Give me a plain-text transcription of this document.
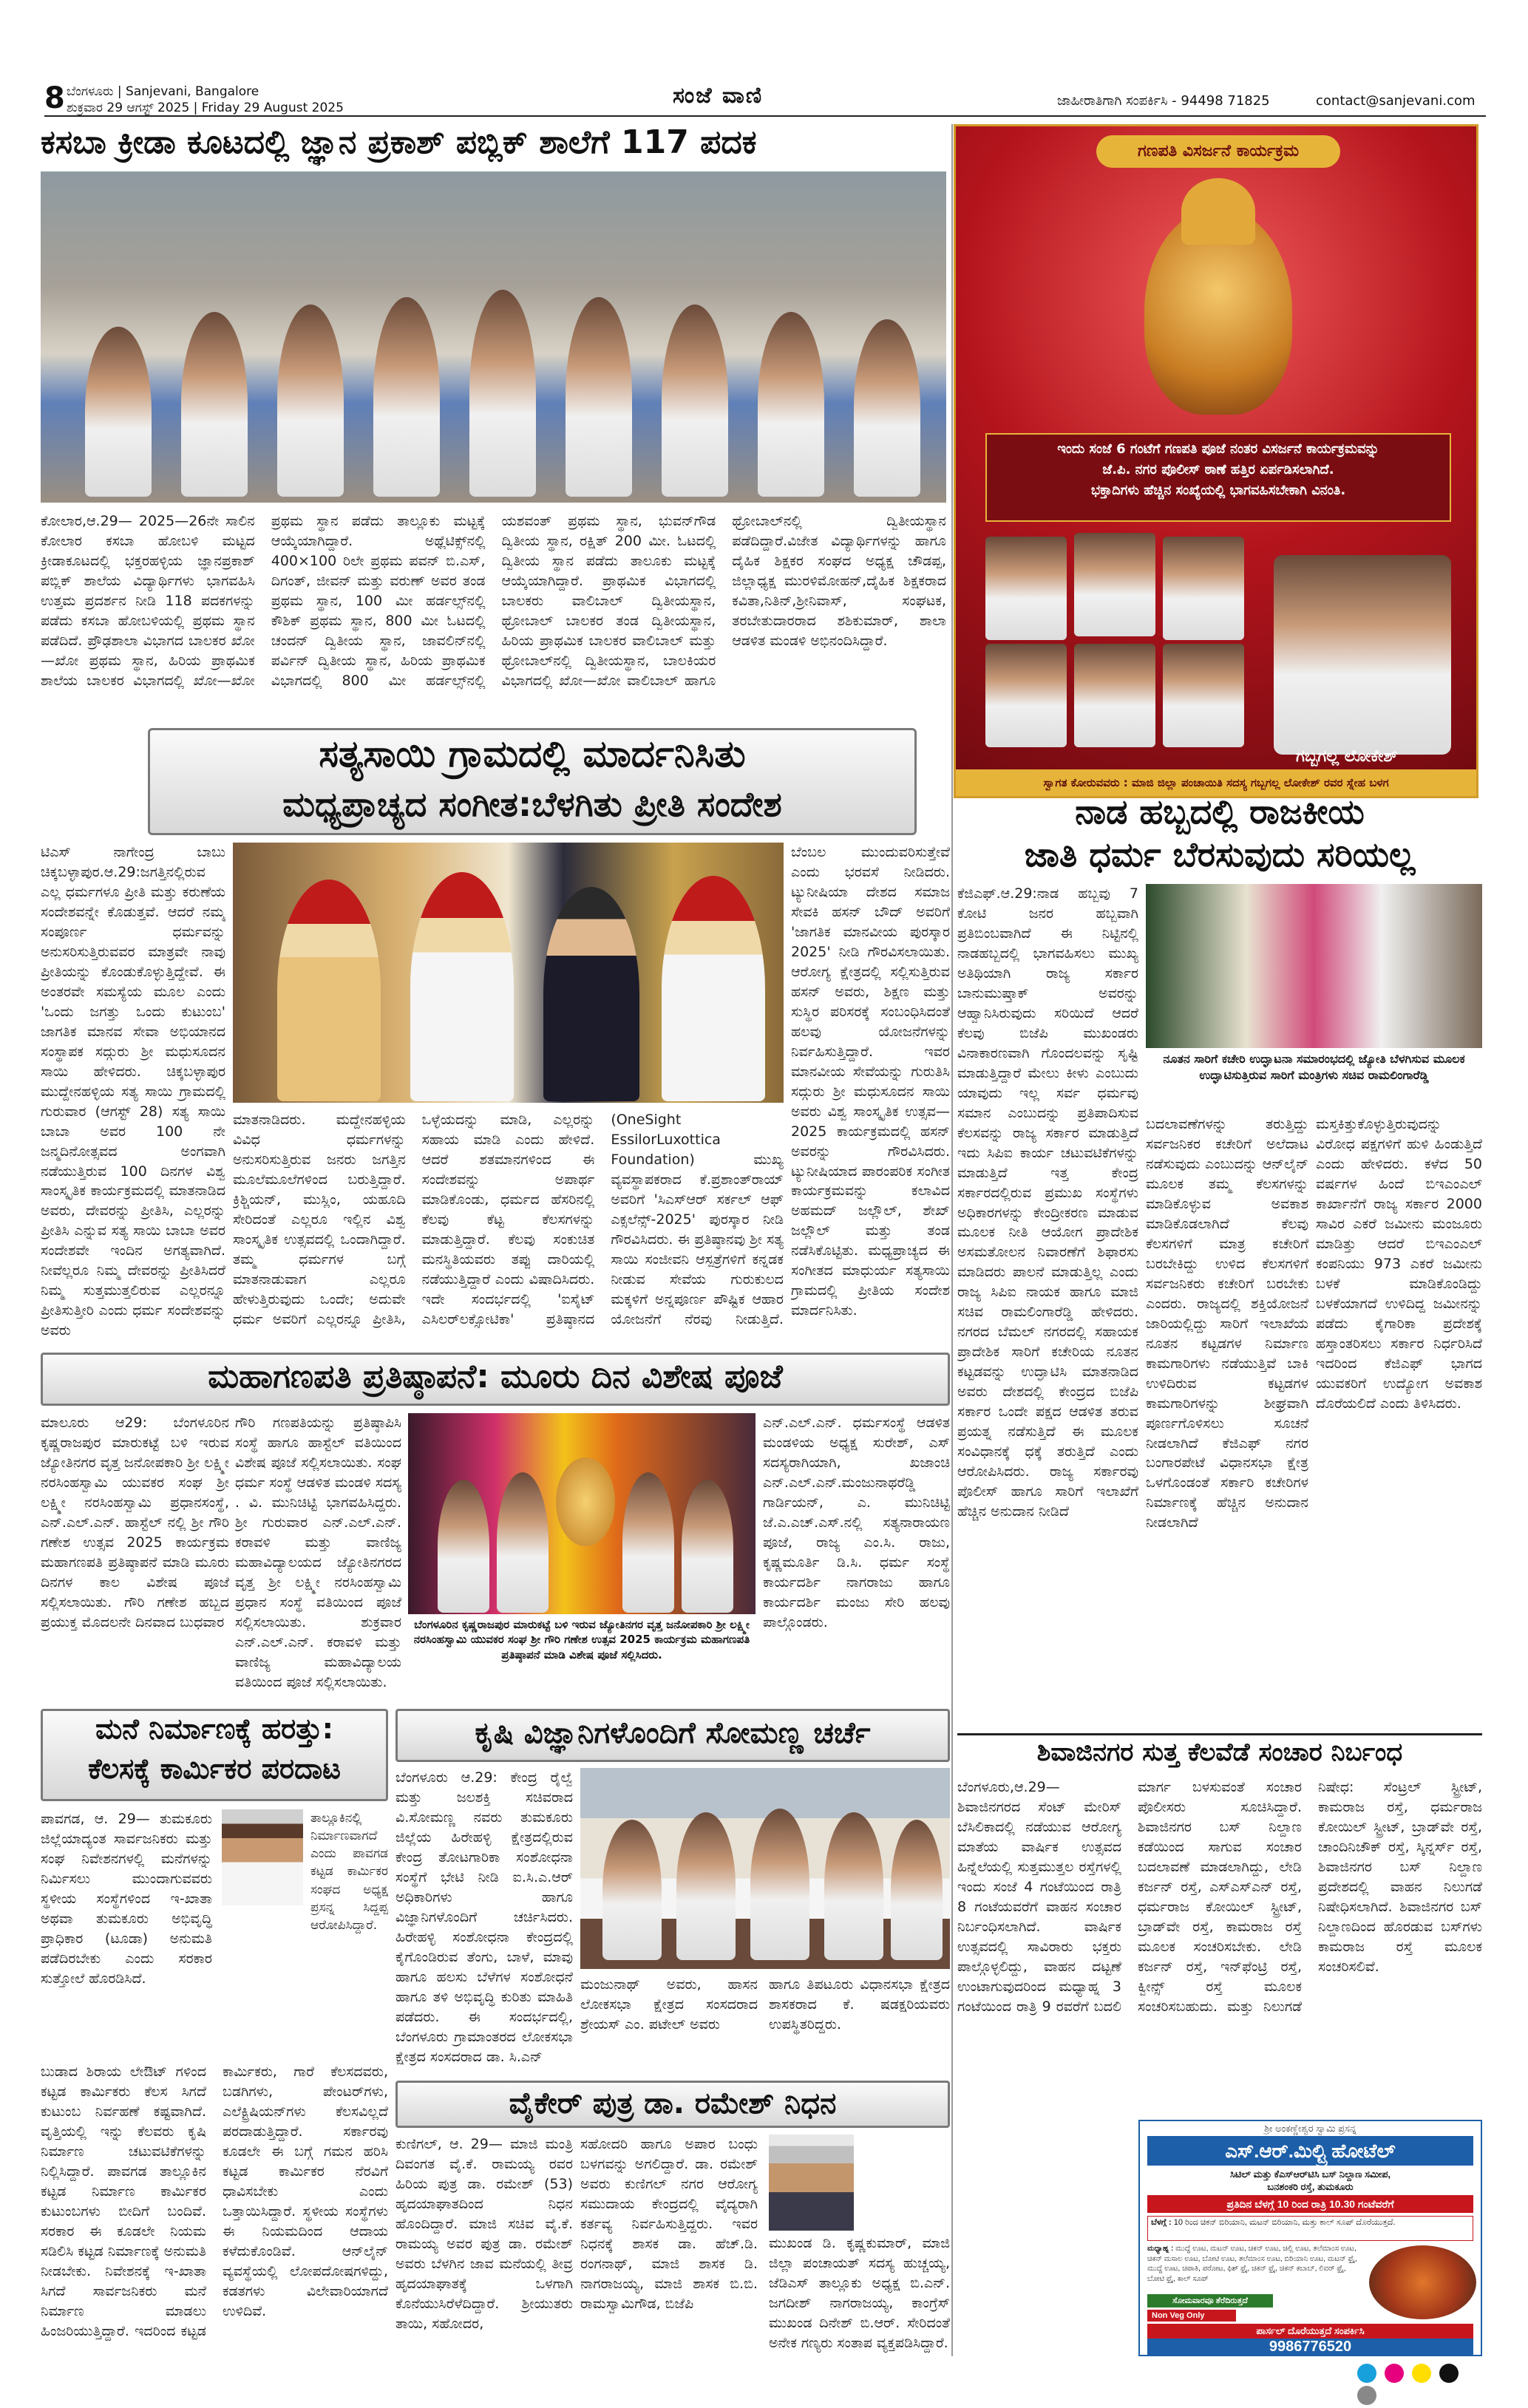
8 ಬೆಂಗಳೂರು | Sanjevani, Bangalore
ಶುಕ್ರವಾರ 29 ಆಗಸ್ಟ್ 2025 | Friday 29 August 2025	ಸಂಜೆ ವಾಣಿ	ಜಾಹೀರಾತಿಗಾಗಿ ಸಂಪರ್ಕಿಸಿ - 94498 71825	contact@sanjevani.com
ಕಸಬಾ ಕ್ರೀಡಾ ಕೂಟದಲ್ಲಿ ಜ್ಞಾನ ಪ್ರಕಾಶ್ ಪಬ್ಲಿಕ್ ಶಾಲೆಗೆ 117 ಪದಕ
ಕೋಲಾರ,ಆ.29— 2025—26ನೇ ಸಾಲಿನ ಕೋಲಾರ ಕಸಬಾ ಹೋಬಳಿ ಮಟ್ಟದ ಕ್ರೀಡಾಕೂಟದಲ್ಲಿ ಭಕ್ತರಹಳ್ಳಿಯ ಜ್ಞಾನಪ್ರಕಾಶ್ ಪಬ್ಲಿಕ್ ಶಾಲೆಯ ವಿದ್ಯಾರ್ಥಿಗಳು ಭಾಗವಹಿಸಿ ಉತ್ತಮ ಪ್ರದರ್ಶನ ನೀಡಿ 118 ಪದಕಗಳನ್ನು ಪಡೆದು ಕಸಬಾ ಹೋಬಳಿಯಲ್ಲಿ ಪ್ರಥಮ ಸ್ಥಾನ ಪಡೆದಿದೆ. ಪ್ರೌಢಶಾಲಾ ವಿಭಾಗದ ಬಾಲಕರ ಖೋ—ಖೋ ಪ್ರಥಮ ಸ್ಥಾನ, ಹಿರಿಯ ಪ್ರಾಥಮಿಕ ಶಾಲೆಯ ಬಾಲಕರ ವಿಭಾಗದಲ್ಲಿ ಖೋ—ಖೋ ಪ್ರಥಮ ಸ್ಥಾನ ಪಡೆದು ತಾಲ್ಲೂಕು ಮಟ್ಟಕ್ಕೆ ಆಯ್ಕೆಯಾಗಿದ್ದಾರೆ. ಅಥ್ಲೆಟಿಕ್ಸ್‌ನಲ್ಲಿ 400×100 ರಿಲೇ ಪ್ರಥಮ ಪವನ್ ಬಿ.ಎಸ್, ದಿಗಂತ್, ಜೀವನ್ ಮತ್ತು ವರುಣ್ ಅವರ ತಂಡ ಪ್ರಥಮ ಸ್ಥಾನ, 100 ಮೀ ಹರ್ಡಲ್ಸ್‌ನಲ್ಲಿ ಕೌಶಿಕ್ ಪ್ರಥಮ ಸ್ಥಾನ, 800 ಮೀ ಓಟದಲ್ಲಿ ಚಂದನ್ ದ್ವಿತೀಯ ಸ್ಥಾನ, ಜಾವಲಿನ್‌ನಲ್ಲಿ ಪರ್ವಿನ್ ದ್ವಿತೀಯ ಸ್ಥಾನ, ಹಿರಿಯ ಪ್ರಾಥಮಿಕ ವಿಭಾಗದಲ್ಲಿ 800 ಮೀ ಹರ್ಡಲ್ಸ್‌ನಲ್ಲಿ ಯಶವಂತ್ ಪ್ರಥಮ ಸ್ಥಾನ, ಭುವನ್‌ಗೌಡ ದ್ವಿತೀಯ ಸ್ಥಾನ, ರಕ್ಷಿತ್ 200 ಮೀ. ಓಟದಲ್ಲಿ ದ್ವಿತೀಯ ಸ್ಥಾನ ಪಡೆದು ತಾಲೂಕು ಮಟ್ಟಕ್ಕೆ ಆಯ್ಕೆಯಾಗಿದ್ದಾರೆ. ಪ್ರಾಥಮಿಕ ವಿಭಾಗದಲ್ಲಿ ಬಾಲಕರು ವಾಲಿಬಾಲ್ ದ್ವಿತೀಯಸ್ಥಾನ, ಥ್ರೋಬಾಲ್ ಬಾಲಕರ ತಂಡ ದ್ವಿತೀಯಸ್ಥಾನ, ಹಿರಿಯ ಪ್ರಾಥಮಿಕ ಬಾಲಕರ ವಾಲಿಬಾಲ್ ಮತ್ತು ಥ್ರೋಬಾಲ್‌ನಲ್ಲಿ ದ್ವಿತೀಯಸ್ಥಾನ, ಬಾಲಕಿಯರ ವಿಭಾಗದಲ್ಲಿ ಖೋ—ಖೋ ವಾಲಿಬಾಲ್ ಹಾಗೂ ಥ್ರೋಬಾಲ್‌ನಲ್ಲಿ ದ್ವಿತೀಯಸ್ಥಾನ ಪಡೆದಿದ್ದಾರೆ.ವಿಜೇತ ವಿದ್ಯಾರ್ಥಿಗಳನ್ನು ಹಾಗೂ ದೈಹಿಕ ಶಿಕ್ಷಕರ ಸಂಘದ ಅಧ್ಯಕ್ಷ ಚೌಡಪ್ಪ, ಜಿಲ್ಲಾಧ್ಯಕ್ಷ ಮುರಳಿಮೋಹನ್,ದೈಹಿಕ ಶಿಕ್ಷಕರಾದ ಕವಿತಾ,ನಿತಿನ್,ಶ್ರೀನಿವಾಸ್, ಸಂಘಟಕ, ತರಬೇತುದಾರರಾದ ಶಶಿಕುಮಾರ್, ಶಾಲಾ ಆಡಳಿತ ಮಂಡಳಿ ಅಭಿನಂದಿಸಿದ್ದಾರೆ.
ಗಣಪತಿ ವಿಸರ್ಜನೆ ಕಾರ್ಯಕ್ರಮ
ಇಂದು ಸಂಜೆ 6 ಗಂಟೆಗೆ ಗಣಪತಿ ಪೂಜೆ ನಂತರ ವಿಸರ್ಜನೆ ಕಾರ್ಯಕ್ರಮವನ್ನು
ಜೆ.ಪಿ. ನಗರ ಪೊಲೀಸ್ ಠಾಣೆ ಹತ್ತಿರ ಏರ್ಪಡಿಸಲಾಗಿದೆ.
ಭಕ್ತಾದಿಗಳು ಹೆಚ್ಚಿನ ಸಂಖ್ಯೆಯಲ್ಲಿ ಭಾಗವಹಿಸಬೇಕಾಗಿ ವಿನಂತಿ.
ಗಬ್ಬಗಲ್ಲ ಲೋಕೇಶ್
ಸ್ವಾಗತ ಕೋರುವವರು : ಮಾಜಿ ಜಿಲ್ಲಾ ಪಂಚಾಯಿತಿ ಸದಸ್ಯ ಗಬ್ಬಗಲ್ಲ ಲೋಕೇಶ್ ರವರ ಸ್ನೇಹ ಬಳಗ
ಸತ್ಯಸಾಯಿ ಗ್ರಾಮದಲ್ಲಿ ಮಾರ್ದನಿಸಿತು
ಮಧ್ಯಪ್ರಾಚ್ಯದ ಸಂಗೀತ:ಬೆಳಗಿತು ಪ್ರೀತಿ ಸಂದೇಶ
ಟಿಎಸ್ ನಾಗೇಂದ್ರ ಬಾಬು ಚಿಕ್ಕಬಳ್ಳಾಪುರ.ಆ.29:ಜಗತ್ತಿನಲ್ಲಿರುವ ಎಲ್ಲ ಧರ್ಮಗಳೂ ಪ್ರೀತಿ ಮತ್ತು ಕರುಣೆಯ ಸಂದೇಶವನ್ನೇ ಕೊಡುತ್ತವೆ. ಆದರೆ ನಮ್ಮ ಸಂಪೂರ್ಣ ಧರ್ಮವನ್ನು ಅನುಸರಿಸುತ್ತಿರುವವರ ಮಾತ್ರವೇ ನಾವು ಪ್ರೀತಿಯನ್ನು ಕೊಂಡುಕೊಳ್ಳುತ್ತಿದ್ದೇವೆ. ಈ ಅಂತರವೇ ಸಮಸ್ಯೆಯ ಮೂಲ ಎಂದು 'ಒಂದು ಜಗತ್ತು ಒಂದು ಕುಟುಂಬ' ಜಾಗತಿಕ ಮಾನವ ಸೇವಾ ಅಭಿಯಾನದ ಸಂಸ್ಥಾಪಕ ಸದ್ಗುರು ಶ್ರೀ ಮಧುಸೂದನ ಸಾಯಿ ಹೇಳಿದರು. ಚಿಕ್ಕಬಳ್ಳಾಪುರ ಮುದ್ದೇನಹಳ್ಳಿಯ ಸತ್ಯ ಸಾಯಿ ಗ್ರಾಮದಲ್ಲಿ ಗುರುವಾರ (ಆಗಸ್ಟ್ 28) ಸತ್ಯ ಸಾಯಿ ಬಾಬಾ ಅವರ 100 ನೇ ಜನ್ಮದಿನೋತ್ಸವದ ಅಂಗವಾಗಿ ನಡೆಯುತ್ತಿರುವ 100 ದಿನಗಳ ವಿಶ್ವ ಸಾಂಸ್ಕೃತಿಕ ಕಾರ್ಯಕ್ರಮದಲ್ಲಿ ಮಾತನಾಡಿದ ಅವರು, ದೇವರನ್ನು ಪ್ರೀತಿಸಿ, ಎಲ್ಲರನ್ನು ಪ್ರೀತಿಸಿ ಎನ್ನುವ ಸತ್ಯ ಸಾಯಿ ಬಾಬಾ ಅವರ ಸಂದೇಶವೇ ಇಂದಿನ ಅಗತ್ಯವಾಗಿದೆ. ನೀವೆಲ್ಲರೂ ನಿಮ್ಮ ದೇವರನ್ನು ಪ್ರೀತಿಸಿದರೆ ನಿಮ್ಮ ಸುತ್ತಮುತ್ತಲಿರುವ ಎಲ್ಲರನ್ನೂ ಪ್ರೀತಿಸುತ್ತೀರಿ ಎಂದು ಧರ್ಮ ಸಂದೇಶವನ್ನು ಅವರು
ಬೆಂಬಲ ಮುಂದುವರಿಸುತ್ತೇವೆ ಎಂದು ಭರವಸೆ ನೀಡಿದರು. ಟ್ಯುನೀಷಿಯಾ ದೇಶದ ಸಮಾಜ ಸೇವಕಿ ಹಸನ್ ಬೌದ್ ಅವರಿಗೆ 'ಜಾಗತಿಕ ಮಾನವೀಯ ಪುರಸ್ಕಾರ 2025' ನೀಡಿ ಗೌರವಿಸಲಾಯಿತು. ಆರೋಗ್ಯ ಕ್ಷೇತ್ರದಲ್ಲಿ ಸಲ್ಲಿಸುತ್ತಿರುವ ಹಸನ್ ಅವರು, ಶಿಕ್ಷಣ ಮತ್ತು ಸುಸ್ಥಿರ ಪರಿಸರಕ್ಕೆ ಸಂಬಂಧಿಸಿದಂತೆ ಹಲವು ಯೋಜನೆಗಳನ್ನು ನಿರ್ವಹಿಸುತ್ತಿದ್ದಾರೆ. ಇವರ ಮಾನವೀಯ ಸೇವೆಯನ್ನು ಗುರುತಿಸಿ ಸದ್ಗುರು ಶ್ರೀ ಮಧುಸೂದನ ಸಾಯಿ ಅವರು ವಿಶ್ವ ಸಾಂಸ್ಕೃತಿಕ ಉತ್ಸವ—2025 ಕಾರ್ಯಕ್ರಮದಲ್ಲಿ ಹಸನ್ ಅವರನ್ನು ಗೌರವಿಸಿದರು. ಟ್ಯುನೀಷಿಯಾದ ಪಾರಂಪರಿಕ ಸಂಗೀತ ಕಾರ್ಯಕ್ರಮವನ್ನು ಕಲಾವಿದ ಅಹಮದ್ ಜಲ್ಲೌಲ್, ಶೇಖ್ ಜಲ್ಲೌಲ್ ಮತ್ತು ತಂಡ ನಡೆಸಿಕೊಟ್ಟಿತು. ಮಧ್ಯಪ್ರಾಚ್ಯದ ಈ ಸಂಗೀತದ ಮಾಧುರ್ಯ ಸತ್ಯಸಾಯಿ ಗ್ರಾಮದಲ್ಲಿ ಪ್ರೀತಿಯ ಸಂದೇಶ ಮಾರ್ದನಿಸಿತು.
ಮಾತನಾಡಿದರು. ಮದ್ದೇನಹಳ್ಳಿಯ ವಿವಿಧ ಧರ್ಮಗಳನ್ನು ಅನುಸರಿಸುತ್ತಿರುವ ಜನರು ಜಗತ್ತಿನ ಮೂಲೆಮೂಲೆಗಳಿಂದ ಬರುತ್ತಿದ್ದಾರೆ. ಕ್ರಿಶ್ಚಿಯನ್, ಮುಸ್ಲಿಂ, ಯಹೂದಿ ಸೇರಿದಂತೆ ಎಲ್ಲರೂ ಇಲ್ಲಿನ ವಿಶ್ವ ಸಾಂಸ್ಕೃತಿಕ ಉತ್ಸವದಲ್ಲಿ ಒಂದಾಗಿದ್ದಾರೆ. ತಮ್ಮ ಧರ್ಮಗಳ ಬಗ್ಗೆ ಮಾತನಾಡುವಾಗ ಎಲ್ಲರೂ ಹೇಳುತ್ತಿರುವುದು ಒಂದೇ; ಅದುವೇ ಧರ್ಮ ಅವರಿಗೆ ಎಲ್ಲರನ್ನೂ ಪ್ರೀತಿಸಿ, ಒಳ್ಳೆಯದನ್ನು ಮಾಡಿ, ಎಲ್ಲರನ್ನು ಸಹಾಯ ಮಾಡಿ ಎಂದು ಹೇಳಿದೆ. ಆದರೆ ಶತಮಾನಗಳಿಂದ ಈ ಸಂದೇಶವನ್ನು ಅಪಾರ್ಥ ಮಾಡಿಕೊಂಡು, ಧರ್ಮದ ಹೆಸರಿನಲ್ಲಿ ಕೆಲವು ಕೆಟ್ಟ ಕೆಲಸಗಳನ್ನು ಮಾಡುತ್ತಿದ್ದಾರೆ. ಕೆಲವು ಸಂಕುಚಿತ ಮನಸ್ಥಿತಿಯವರು ತಪ್ಪು ದಾರಿಯಲ್ಲಿ ನಡೆಯುತ್ತಿದ್ದಾರೆ ಎಂದು ವಿಷಾದಿಸಿದರು. ಇದೇ ಸಂದರ್ಭದಲ್ಲಿ 'ಐಸೈಟ್ ಎಸಿಲರ್‌ಲಕ್ಸೋಟಿಕಾ' ಪ್ರತಿಷ್ಠಾನದ (OneSight EssilorLuxottica Foundation) ಮುಖ್ಯ ವ್ಯವಸ್ಥಾಪಕರಾದ ಕೆ.ಪ್ರಶಾಂತ್‌ರಾಯ್ ಅವರಿಗೆ 'ಸಿಎಸ್‌ಆರ್ ಸರ್ಕಲ್ ಆಫ್ ಎಕ್ಸಲೆನ್ಸ್-2025' ಪುರಸ್ಕಾರ ನೀಡಿ ಗೌರವಿಸಿದರು. ಈ ಪ್ರತಿಷ್ಠಾನವು ಶ್ರೀ ಸತ್ಯ ಸಾಯಿ ಸಂಜೀವನಿ ಆಸ್ಪತ್ರೆಗಳಿಗೆ ಕನ್ನಡಕ ನೀಡುವ ಸೇವೆಯ ಗುರುಕುಲದ ಮಕ್ಕಳಿಗೆ ಅನ್ನಪೂರ್ಣ ಪೌಷ್ಟಿಕ ಆಹಾರ ಯೋಜನೆಗೆ ನೆರವು ನೀಡುತ್ತಿದೆ.
ನಾಡ ಹಬ್ಬದಲ್ಲಿ ರಾಜಕೀಯ
ಜಾತಿ ಧರ್ಮ ಬೆರಸುವುದು ಸರಿಯಲ್ಲ
ಕೆಜಿಎಫ್.ಆ.29:ನಾಡ ಹಬ್ಬವು 7 ಕೋಟಿ ಜನರ ಹಬ್ಬವಾಗಿ ಪ್ರತಿಬಿಂಬವಾಗಿದೆ ಈ ನಿಟ್ಟಿನಲ್ಲಿ ನಾಡಹಬ್ಬದಲ್ಲಿ ಭಾಗವಹಿಸಲು ಮುಖ್ಯ ಅತಿಥಿಯಾಗಿ ರಾಜ್ಯ ಸರ್ಕಾರ ಬಾನುಮುಷ್ತಾಕ್ ಅವರನ್ನು ಆಹ್ವಾನಿಸಿರುವುದು ಸರಿಯಿದೆ ಆದರೆ ಕೆಲವು ಬಿಜೆಪಿ ಮುಖಂಡರು ವಿನಾಕಾರಣವಾಗಿ ಗೊಂದಲವನ್ನು ಸೃಷ್ಟಿ ಮಾಡುತ್ತಿದ್ದಾರೆ ಮೇಲು ಕೀಳು ಎಂಬುದು ಯಾವುದು ಇಲ್ಲ ಸರ್ವ ಧರ್ಮವು ಸಮಾನ ಎಂಬುದನ್ನು ಪ್ರತಿಪಾದಿಸುವ ಕೆಲಸವನ್ನು ರಾಜ್ಯ ಸರ್ಕಾರ ಮಾಡುತ್ತಿದೆ ಇದು ಸಿಪಿಐ ಕಾರ್ಯ ಚಟುವಟಿಕೆಗಳನ್ನು ಮಾಡುತ್ತಿದೆ ಇತ್ತ ಕೇಂದ್ರ ಸರ್ಕಾರದಲ್ಲಿರುವ ಪ್ರಮುಖ ಸಂಸ್ಥೆಗಳು ಅಧಿಕಾರಗಳನ್ನು ಕೇಂದ್ರೀಕರಣ ಮಾಡುವ ಮೂಲಕ ನೀತಿ ಆಯೋಗ ಪ್ರಾದೇಶಿಕ ಅಸಮತೋಲನ ನಿವಾರಣೆಗೆ ಶಿಫಾರಸು ಮಾಡಿದರು ಪಾಲನೆ ಮಾಡುತ್ತಿಲ್ಲ ಎಂದು ರಾಜ್ಯ ಸಿಪಿಐ ನಾಯಕ ಹಾಗೂ ಮಾಜಿ ಸಚಿವ ರಾಮಲಿಂಗಾರೆಡ್ಡಿ ಹೇಳಿದರು. ನಗರದ ಬೆಮಲ್ ನಗರದಲ್ಲಿ ಸಹಾಯಕ ಪ್ರಾದೇಶಿಕ ಸಾರಿಗೆ ಕಚೇರಿಯ ನೂತನ ಕಟ್ಟಡವನ್ನು ಉದ್ಘಾಟಿಸಿ ಮಾತನಾಡಿದ ಅವರು ದೇಶದಲ್ಲಿ ಕೇಂದ್ರದ ಬಿಜೆಪಿ ಸರ್ಕಾರ ಒಂದೇ ಪಕ್ಷದ ಆಡಳಿತ ತರುವ ಪ್ರಯತ್ನ ನಡೆಸುತ್ತಿದೆ ಈ ಮೂಲಕ ಸಂವಿಧಾನಕ್ಕೆ ಧಕ್ಕೆ ತರುತ್ತಿದೆ ಎಂದು ಆರೋಪಿಸಿದರು. ರಾಜ್ಯ ಸರ್ಕಾರವು ಪೊಲೀಸ್ ಹಾಗೂ ಸಾರಿಗೆ ಇಲಾಖೆಗೆ ಹೆಚ್ಚಿನ ಅನುದಾನ ನೀಡಿದೆ
ನೂತನ ಸಾರಿಗೆ ಕಚೇರಿ ಉದ್ಘಾಟನಾ ಸಮಾರಂಭದಲ್ಲಿ ಜ್ಯೋತಿ ಬೆಳಗಿಸುವ ಮೂಲಕ ಉದ್ಘಾಟಿಸುತ್ತಿರುವ ಸಾರಿಗೆ ಮಂತ್ರಿಗಳು ಸಚಿವ ರಾಮಲಿಂಗಾರೆಡ್ಡಿ
ಬದಲಾವಣೆಗಳನ್ನು ತರುತ್ತಿದ್ದು ಸರ್ವಜನಿಕರ ಕಚೇರಿಗೆ ಅಲೆದಾಟ ನಡೆಸುವುದು ಎಂಬುದನ್ನು ಆನ್‌ಲೈನ್ ಮೂಲಕ ತಮ್ಮ ಕೆಲಸಗಳನ್ನು ಮಾಡಿಕೊಳ್ಳುವ ಅವಕಾಶ ಮಾಡಿಕೊಡಲಾಗಿದೆ ಕೆಲವು ಕೆಲಸಗಳಿಗೆ ಮಾತ್ರ ಕಚೇರಿಗೆ ಬರಬೇಕಿದ್ದು ಉಳಿದ ಕೆಲಸಗಳಿಗೆ ಸರ್ವಜನಿಕರು ಕಚೇರಿಗೆ ಬರಬೇಕು ಎಂದರು. ರಾಜ್ಯದಲ್ಲಿ ಶಕ್ತಿಯೋಜನೆ ಜಾರಿಯಲ್ಲಿದ್ದು ಸಾರಿಗೆ ಇಲಾಖೆಯ ನೂತನ ಕಟ್ಟಡಗಳ ನಿರ್ಮಾಣ ಕಾಮಗಾರಿಗಳು ನಡೆಯುತ್ತಿವೆ ಬಾಕಿ ಉಳಿದಿರುವ ಕಟ್ಟಡಗಳ ಕಾಮಗಾರಿಗಳನ್ನು ಶೀಘ್ರವಾಗಿ ಪೂರ್ಣಗೊಳಿಸಲು ಸೂಚನೆ ನೀಡಲಾಗಿದೆ ಕೆಜಿಎಫ್ ನಗರ ಬಂಗಾರಪೇಟೆ ವಿಧಾನಸಭಾ ಕ್ಷೇತ್ರ ಒಳಗೊಂಡಂತೆ ಸರ್ಕಾರಿ ಕಚೇರಿಗಳ ನಿರ್ಮಾಣಕ್ಕೆ ಹೆಚ್ಚಿನ ಅನುದಾನ ನೀಡಲಾಗಿದೆ
ಮಸ್ತಕಿತ್ತುಕೊಳ್ಳುತ್ತಿರುವುದನ್ನು ವಿರೋಧ ಪಕ್ಷಗಳಿಗೆ ಹುಳಿ ಹಿಂಡುತ್ತಿದೆ ಎಂದು ಹೇಳಿದರು. ಕಳೆದ 50 ವರ್ಷಗಳ ಹಿಂದೆ ಬಿಇಎಂಎಲ್ ಕಾರ್ಖಾನೆಗೆ ರಾಜ್ಯ ಸರ್ಕಾರ 2000 ಸಾವಿರ ಎಕರೆ ಜಮೀನು ಮಂಜೂರು ಮಾಡಿತ್ತು ಆದರೆ ಬಿಇಎಂಎಲ್ ಕಂಪನಿಯು 973 ಎಕರೆ ಜಮೀನು ಬಳಕೆ ಮಾಡಿಕೊಂಡಿದ್ದು ಬಳಕೆಯಾಗದೆ ಉಳಿದಿದ್ದ ಜಮೀನನ್ನು ಪಡೆದು ಕೈಗಾರಿಕಾ ಪ್ರದೇಶಕ್ಕೆ ಹಸ್ತಾಂತರಿಸಲು ಸರ್ಕಾರ ನಿರ್ಧರಿಸಿದೆ ಇದರಿಂದ ಕೆಜಿಎಫ್ ಭಾಗದ ಯುವಕರಿಗೆ ಉದ್ಯೋಗ ಅವಕಾಶ ದೊರೆಯಲಿದೆ ಎಂದು ತಿಳಿಸಿದರು.
ಮಹಾಗಣಪತಿ ಪ್ರತಿಷ್ಠಾಪನೆ: ಮೂರು ದಿನ ವಿಶೇಷ ಪೂಜೆ
ಮಾಲೂರು ಆ29: ಬೆಂಗಳೂರಿನ ಕೃಷ್ಣರಾಜಪುರ ಮಾರುಕಟ್ಟೆ ಬಳಿ ಇರುವ ಜ್ಯೋತಿನಗರ ವೃತ್ತ ಜನೋಪಕಾರಿ ಶ್ರೀ ಲಕ್ಷ್ಮೀ ನರಸಿಂಹಸ್ವಾಮಿ ಯುವಕರ ಸಂಘ ಶ್ರೀ ಲಕ್ಷ್ಮೀ ನರಸಿಂಹಸ್ವಾಮಿ ಪ್ರಧಾನಸಂಸ್ಥೆ, ಎನ್.ಎಲ್.ಎನ್. ಹಾಸ್ಟೆಲ್ ನಲ್ಲಿ ಶ್ರೀ ಗೌರಿ ಗಣೇಶ ಉತ್ಸವ 2025 ಕಾರ್ಯಕ್ರಮ ಮಹಾಗಣಪತಿ ಪ್ರತಿಷ್ಠಾಪನೆ ಮಾಡಿ ಮೂರು ದಿನಗಳ ಕಾಲ ವಿಶೇಷ ಪೂಜೆ ಸಲ್ಲಿಸಲಾಯಿತು. ಗೌರಿ ಗಣೇಶ ಹಬ್ಬದ ಪ್ರಯುಕ್ತ ಮೊದಲನೇ ದಿನವಾದ ಬುಧವಾರ
ಗೌರಿ ಗಣಪತಿಯನ್ನು ಪ್ರತಿಷ್ಠಾಪಿಸಿ ಸಂಸ್ಥೆ ಹಾಗೂ ಹಾಸ್ಟೆಲ್ ವತಿಯಿಂದ ವಿಶೇಷ ಪೂಜೆ ಸಲ್ಲಿಸಲಾಯಿತು. ಸಂಘ ಧರ್ಮ ಸಂಸ್ಥೆ ಆಡಳಿತ ಮಂಡಳಿ ಸದಸ್ಯ . ವಿ. ಮುನಿಚಿಟ್ಟಿ ಭಾಗವಹಿಸಿದ್ದರು. ಶ್ರೀ ಗುರುವಾರ ಎನ್.ಎಲ್.ಎನ್. ಕರಾವಳಿ ಮತ್ತು ವಾಣಿಜ್ಯ ಮಹಾವಿದ್ಯಾಲಯದ ಜ್ಯೋತಿನಗರದ ವೃತ್ತ ಶ್ರೀ ಲಕ್ಷ್ಮೀ ನರಸಿಂಹಸ್ವಾಮಿ ಪ್ರಧಾನ ಸಂಸ್ಥೆ ವತಿಯಿಂದ ಪೂಜೆ ಸಲ್ಲಿಸಲಾಯಿತು. ಶುಕ್ರವಾರ ಎನ್.ಎಲ್.ಎನ್. ಕರಾವಳಿ ಮತ್ತು ವಾಣಿಜ್ಯ ಮಹಾವಿದ್ಯಾಲಯ ವತಿಯಿಂದ ಪೂಜೆ ಸಲ್ಲಿಸಲಾಯಿತು.
ಬೆಂಗಳೂರಿನ ಕೃಷ್ಣರಾಜಪುರ ಮಾರುಕಟ್ಟೆ ಬಳಿ ಇರುವ ಜ್ಯೋತಿನಗರ ವೃತ್ತ ಜನೋಪಕಾರಿ ಶ್ರೀ ಲಕ್ಷ್ಮೀ ನರಸಿಂಹಸ್ವಾಮಿ ಯುವಕರ ಸಂಘ ಶ್ರೀ ಗೌರಿ ಗಣೇಶ ಉತ್ಸವ 2025 ಕಾರ್ಯಕ್ರಮ ಮಹಾಗಣಪತಿ ಪ್ರತಿಷ್ಠಾಪನೆ ಮಾಡಿ ವಿಶೇಷ ಪೂಜೆ ಸಲ್ಲಿಸಿದರು.
ಎನ್.ಎಲ್.ಎನ್. ಧರ್ಮಸಂಸ್ಥೆ ಆಡಳಿತ ಮಂಡಳಿಯ ಅಧ್ಯಕ್ಷ ಸುರೇಶ್, ಎಸ್ ಸದಸ್ಯರಾಗಿಯಾಗಿ, ಖಜಾಂಚಿ ಎನ್.ಎಲ್.ಎನ್.ಮಂಜುನಾಥರೆಡ್ಡಿ ಗಾರ್ಡಿಯನ್, ಎ. ಮುನಿಚಿಟ್ಟಿ ಜೆ.ಎ.ಎಚ್.ಎಸ್.ನಲ್ಲಿ ಸತ್ಯನಾರಾಯಣ ಪೂಜೆ, ರಾಜ್ಯ ಎಂ.ಸಿ. ರಾಜು, ಕೃಷ್ಣಮೂರ್ತಿ ಡಿ.ಸಿ. ಧರ್ಮ ಸಂಸ್ಥೆ ಕಾರ್ಯದರ್ಶಿ ನಾಗರಾಜು ಹಾಗೂ ಕಾರ್ಯದರ್ಶಿ ಮಂಜು ಸೇರಿ ಹಲವು ಪಾಲ್ಗೊಂಡರು.
ಶಿವಾಜಿನಗರ ಸುತ್ತ ಕೆಲವೆಡೆ ಸಂಚಾರ ನಿರ್ಬಂಧ
ಬೆಂಗಳೂರು,ಆ.29—ಶಿವಾಜಿನಗರದ ಸೆಂಟ್ ಮೇರಿಸ್ ಬೆಸಿಲಿಕಾದಲ್ಲಿ ನಡೆಯುವ ಆರೋಗ್ಯ ಮಾತೆಯ ವಾರ್ಷಿಕ ಉತ್ಸವದ ಹಿನ್ನೆಲೆಯಲ್ಲಿ ಸುತ್ತಮುತ್ತಲ ರಸ್ತೆಗಳಲ್ಲಿ ಇಂದು ಸಂಜೆ 4 ಗಂಟೆಯಿಂದ ರಾತ್ರಿ 8 ಗಂಟೆಯವರೆಗೆ ವಾಹನ ಸಂಚಾರ ನಿರ್ಬಂಧಿಸಲಾಗಿದೆ. ವಾರ್ಷಿಕ ಉತ್ಸವದಲ್ಲಿ ಸಾವಿರಾರು ಭಕ್ತರು ಪಾಲ್ಗೊಳ್ಳಲಿದ್ದು, ವಾಹನ ದಟ್ಟಣೆ ಉಂಟಾಗುವುದರಿಂದ ಮಧ್ಯಾಹ್ನ 3 ಗಂಟೆಯಿಂದ ರಾತ್ರಿ 9 ರವರೆಗೆ ಬದಲಿ ಮಾರ್ಗ ಬಳಸುವಂತೆ ಸಂಚಾರ ಪೊಲೀಸರು ಸೂಚಿಸಿದ್ದಾರೆ. ಶಿವಾಜಿನಗರ ಬಸ್ ನಿಲ್ದಾಣ ಕಡೆಯಿಂದ ಸಾಗುವ ಸಂಚಾರ ಬದಲಾವಣೆ ಮಾಡಲಾಗಿದ್ದು, ಲೇಡಿ ಕರ್ಜನ್ ರಸ್ತೆ, ಎಸ್ಎಸ್‌ಎನ್ ರಸ್ತೆ, ಧರ್ಮರಾಜ ಕೋಯಿಲ್ ಸ್ಟ್ರೀಟ್, ಬ್ರಾಡ್‌ವೇ ರಸ್ತೆ, ಕಾಮರಾಜ ರಸ್ತೆ ಮೂಲಕ ಸಂಚರಿಸಬೇಕು. ಲೇಡಿ ಕರ್ಜನ್ ರಸ್ತೆ, ಇನ್‌ಫೆಂಟ್ರಿ ರಸ್ತೆ, ಕ್ವೀನ್ಸ್ ರಸ್ತೆ ಮೂಲಕ ಸಂಚರಿಸಬಹುದು. ಮತ್ತು ನಿಲುಗಡೆ ನಿಷೇಧ: ಸೆಂಟ್ರಲ್ ಸ್ಟ್ರೀಟ್, ಕಾಮರಾಜ ರಸ್ತೆ, ಧರ್ಮರಾಜ ಕೋಯಿಲ್ ಸ್ಟ್ರೀಟ್, ಬ್ರಾಡ್‌ವೇ ರಸ್ತೆ, ಚಾಂದಿನಿಚೌಕ್ ರಸ್ತೆ, ಸ್ಕಿನ್ನರ್ಸ್ ರಸ್ತೆ, ಶಿವಾಜಿನಗರ ಬಸ್ ನಿಲ್ದಾಣ ಪ್ರದೇಶದಲ್ಲಿ ವಾಹನ ನಿಲುಗಡೆ ನಿಷೇಧಿಸಲಾಗಿದೆ. ಶಿವಾಜಿನಗರ ಬಸ್ ನಿಲ್ದಾಣದಿಂದ ಹೊರಡುವ ಬಸ್‌ಗಳು ಕಾಮರಾಜ ರಸ್ತೆ ಮೂಲಕ ಸಂಚರಿಸಲಿವೆ.
ಮನೆ ನಿರ್ಮಾಣಕ್ಕೆ ಹರತ್ತು:
ಕೆಲಸಕ್ಕೆ ಕಾರ್ಮಿಕರ ಪರದಾಟ
ಪಾವಗಡ, ಆ. 29— ತುಮಕೂರು ಜಿಲ್ಲೆಯಾದ್ಯಂತ ಸಾರ್ವಜನಿಕರು ಮತ್ತು ಸಂಘ ನಿವೇಶನಗಳಲ್ಲಿ ಮನೆಗಳನ್ನು ನಿರ್ಮಿಸಲು ಮುಂದಾಗುವವರು ಸ್ಥಳೀಯ ಸಂಸ್ಥೆಗಳಿಂದ ಇ-ಖಾತಾ ಅಥವಾ ತುಮಕೂರು ಅಭಿವೃದ್ಧಿ ಪ್ರಾಧಿಕಾರ (ಟೂಡಾ) ಅನುಮತಿ ಪಡೆದಿರಬೇಕು ಎಂದು ಸರಕಾರ ಸುತ್ತೋಲೆ ಹೊರಡಿಸಿದೆ.
ತಾಲ್ಲೂಕಿನಲ್ಲಿ ನಿರ್ಮಾಣವಾಗದೆ ಎಂದು ಪಾವಗಡ ಕಟ್ಟಡ ಕಾರ್ಮಿಕರ ಸಂಘದ ಅಧ್ಯಕ್ಷ ಪ್ರಸನ್ನ ಸಿದ್ದಪ್ಪ ಆರೋಪಿಸಿದ್ದಾರೆ.
ಬುಡಾದ ಶಿರಾಯ ಲೇಔಟ್ ಗಳಿಂದ ಕಟ್ಟಡ ಕಾರ್ಮಿಕರು ಕೆಲಸ ಸಿಗದೆ ಕುಟುಂಬ ನಿರ್ವಹಣೆ ಕಷ್ಟವಾಗಿದೆ. ವೃತ್ತಿಯಲ್ಲಿ ಇನ್ನು ಕೆಲವರು ಕೃಷಿ ನಿರ್ಮಾಣ ಚಟುವಟಿಕೆಗಳನ್ನು ನಿಲ್ಲಿಸಿದ್ದಾರೆ. ಪಾವಗಡ ತಾಲ್ಲೂಕಿನ ಕಟ್ಟಡ ನಿರ್ಮಾಣ ಕಾರ್ಮಿಕರ ಕುಟುಂಬಗಳು ಬೀದಿಗೆ ಬಂದಿವೆ. ಸರಕಾರ ಈ ಕೂಡಲೇ ನಿಯಮ ಸಡಿಲಿಸಿ ಕಟ್ಟಡ ನಿರ್ಮಾಣಕ್ಕೆ ಅನುಮತಿ ನೀಡಬೇಕು. ನಿವೇಶನಕ್ಕೆ ಇ-ಖಾತಾ ಸಿಗದೆ ಸಾರ್ವಜನಿಕರು ಮನೆ ನಿರ್ಮಾಣ ಮಾಡಲು ಹಿಂಜರಿಯುತ್ತಿದ್ದಾರೆ. ಇದರಿಂದ ಕಟ್ಟಡ ಕಾರ್ಮಿಕರು, ಗಾರೆ ಕೆಲಸದವರು, ಬಡಗಿಗಳು, ಪೇಂಟರ್‌ಗಳು, ಎಲೆಕ್ಟ್ರಿಷಿಯನ್‌ಗಳು ಕೆಲಸವಿಲ್ಲದೆ ಪರದಾಡುತ್ತಿದ್ದಾರೆ. ಸರ್ಕಾರವು ಕೂಡಲೇ ಈ ಬಗ್ಗೆ ಗಮನ ಹರಿಸಿ ಕಟ್ಟಡ ಕಾರ್ಮಿಕರ ನೆರವಿಗೆ ಧಾವಿಸಬೇಕು ಎಂದು ಒತ್ತಾಯಿಸಿದ್ದಾರೆ. ಸ್ಥಳೀಯ ಸಂಸ್ಥೆಗಳು ಈ ನಿಯಮದಿಂದ ಆದಾಯ ಕಳೆದುಕೊಂಡಿವೆ. ಆನ್‌ಲೈನ್ ವ್ಯವಸ್ಥೆಯಲ್ಲಿ ಲೋಪದೋಷಗಳಿದ್ದು, ಕಡತಗಳು ವಿಲೇವಾರಿಯಾಗದೆ ಉಳಿದಿವೆ.
ಕೃಷಿ ವಿಜ್ಞಾನಿಗಳೊಂದಿಗೆ ಸೋಮಣ್ಣ ಚರ್ಚೆ
ಬೆಂಗಳೂರು ಆ.29: ಕೇಂದ್ರ ರೈಲ್ವೆ ಮತ್ತು ಜಲಶಕ್ತಿ ಸಚಿವರಾದ ವಿ.ಸೋಮಣ್ಣ ನವರು ತುಮಕೂರು ಜಿಲ್ಲೆಯ ಹಿರೇಹಳ್ಳಿ ಕ್ಷೇತ್ರದಲ್ಲಿರುವ ಕೇಂದ್ರ ತೋಟಗಾರಿಕಾ ಸಂಶೋಧನಾ ಸಂಸ್ಥೆಗೆ ಭೇಟಿ ನೀಡಿ ಐ.ಸಿ.ಎ.ಆರ್ ಅಧಿಕಾರಿಗಳು ಹಾಗೂ ವಿಜ್ಞಾನಿಗಳೊಂದಿಗೆ ಚರ್ಚಿಸಿದರು. ಹಿರೇಹಳ್ಳಿ ಸಂಶೋಧನಾ ಕೇಂದ್ರದಲ್ಲಿ ಕೈಗೊಂಡಿರುವ ತೆಂಗು, ಬಾಳೆ, ಮಾವು ಹಾಗೂ ಹಲಸು ಬೆಳೆಗಳ ಸಂಶೋಧನೆ ಹಾಗೂ ತಳಿ ಅಭಿವೃದ್ಧಿ ಕುರಿತು ಮಾಹಿತಿ ಪಡೆದರು. ಈ ಸಂದರ್ಭದಲ್ಲಿ, ಬೆಂಗಳೂರು ಗ್ರಾಮಾಂತರದ ಲೋಕಸಭಾ ಕ್ಷೇತ್ರದ ಸಂಸದರಾದ ಡಾ. ಸಿ.ಎನ್
ಮಂಜುನಾಥ್ ಅವರು, ಹಾಸನ ಲೋಕಸಭಾ ಕ್ಷೇತ್ರದ ಸಂಸದರಾದ ಶ್ರೇಯಸ್ ಎಂ. ಪಟೇಲ್ ಅವರು
ಹಾಗೂ ತಿಪಟೂರು ವಿಧಾನಸಭಾ ಕ್ಷೇತ್ರದ ಶಾಸಕರಾದ ಕೆ. ಷಡಕ್ಷರಿಯವರು ಉಪಸ್ಥಿತರಿದ್ದರು.
ವೈಕೇರ್ ಪುತ್ರ ಡಾ. ರಮೇಶ್ ನಿಧನ
ಕುಣಿಗಲ್, ಆ. 29— ಮಾಜಿ ಮಂತ್ರಿ ದಿವಂಗತ ವೈ.ಕೆ. ರಾಮಯ್ಯ ರವರ ಹಿರಿಯ ಪುತ್ರ ಡಾ. ರಮೇಶ್ (53) ಹೃದಯಾಘಾತದಿಂದ ನಿಧನ ಹೊಂದಿದ್ದಾರೆ. ಮಾಜಿ ಸಚಿವ ವೈ.ಕೆ. ರಾಮಯ್ಯ ಅವರ ಪುತ್ರ ಡಾ. ರಮೇಶ್ ಅವರು ಬೆಳಗಿನ ಜಾವ ಮನೆಯಲ್ಲಿ ತೀವ್ರ ಹೃದಯಾಘಾತಕ್ಕೆ ಒಳಗಾಗಿ ಕೊನೆಯುಸಿರೆಳೆದಿದ್ದಾರೆ. ಶ್ರೀಯುತರು ತಾಯಿ, ಸಹೋದರ,
ಸಹೋದರಿ ಹಾಗೂ ಅಪಾರ ಬಂಧು ಬಳಗವನ್ನು ಅಗಲಿದ್ದಾರೆ. ಡಾ. ರಮೇಶ್ ಅವರು ಕುಣಿಗಲ್ ನಗರ ಆರೋಗ್ಯ ಸಮುದಾಯ ಕೇಂದ್ರದಲ್ಲಿ ವೈದ್ಯರಾಗಿ ಕರ್ತವ್ಯ ನಿರ್ವಹಿಸುತ್ತಿದ್ದರು. ಇವರ ನಿಧನಕ್ಕೆ ಶಾಸಕ ಡಾ. ಹೆಚ್.ಡಿ. ರಂಗನಾಥ್, ಮಾಜಿ ಶಾಸಕ ಡಿ. ನಾಗರಾಜಯ್ಯ, ಮಾಜಿ ಶಾಸಕ ಬಿ.ಬಿ. ರಾಮಸ್ವಾಮಿಗೌಡ, ಬಿಜೆಪಿ
ಮುಖಂಡ ಡಿ. ಕೃಷ್ಣಕುಮಾರ್, ಮಾಜಿ ಜಿಲ್ಲಾ ಪಂಚಾಯತ್ ಸದಸ್ಯ ಹುಚ್ಚಯ್ಯ, ಜೆಡಿಎಸ್ ತಾಲ್ಲೂಕು ಅಧ್ಯಕ್ಷ ಬಿ.ಎನ್. ಜಗದೀಶ್ ನಾಗರಾಜಯ್ಯ, ಕಾಂಗ್ರೆಸ್ ಮುಖಂಡ ದಿನೇಶ್ ಬಿ.ಆರ್. ಸೇರಿದಂತೆ ಅನೇಕ ಗಣ್ಯರು ಸಂತಾಪ ವ್ಯಕ್ತಪಡಿಸಿದ್ದಾರೆ.
ಶ್ರೀ ಅಂಕಣ್ಣೇಶ್ವರ ಸ್ವಾಮಿ ಪ್ರಸನ್ನ
ಎಸ್.ಆರ್.ಮಿಲ್ಟ್ರಿ ಹೋಟೆಲ್
ಸಿಟಿಲ್ ಮತ್ತು ಕೆಎಸ್ಆರ್‌ಟಿಸಿ ಬಸ್ ನಿಲ್ದಾಣ ಸಮೀಪ,
ಬನಶಂಕರಿ ರಸ್ತೆ, ತುಮಕೂರು
ಪ್ರತಿದಿನ ಬೆಳಗ್ಗೆ 10 ರಿಂದ ರಾತ್ರಿ 10.30 ಗಂಟೆವರೆಗೆ
ಬೆಳಗ್ಗೆ : 10 ರಿಂದ ಚಿಕನ್ ಬಿರಿಯಾನಿ, ಮಟನ್ ಬಿರಿಯಾನಿ, ಮತ್ತು ಕಾಲ್ ಸೂಪ್ ದೊರೆಯುತ್ತದೆ.
ಮಧ್ಯಾಹ್ನ : ಮುದ್ದೆ ಊಟ, ಮಟನ್ ಊಟ, ಚಿಕನ್ ಊಟ, ಚಿಲ್ಲಿ ಊಟ, ತಲೆಮಾಂಸ ಊಟ, ಚಿಕನ್ ಮಸಾಲ ಊಟ, ಬೋಟಿ ಊಟ, ತಲೆಮಾಂಸ ಊಟ, ಬಿರಿಯಾನಿ ಊಟ, ಮಟನ್ ಫ್ರೈ, ಮುದ್ದೆ ಊಟ, ಚಪಾತಿ, ಪರೋಟ, ಫಿಶ್ ಫ್ರೈ, ಚಿಕನ್ ಫ್ರೈ, ಚಿಕನ್ ಕಬಾಬ್, ಲಿವರ್ ಫ್ರೈ, ಬೋಟಿ ಫ್ರೈ, ಕಾಲ್ ಸೂಪ್
ಸೋಮವಾರವೂ ತೆರೆದಿರುತ್ತದೆ
Non Veg Only
ಪಾರ್ಸಲ್ ದೊರೆಯುತ್ತದೆ ಸಂಪರ್ಕಿಸಿ
9986776520
